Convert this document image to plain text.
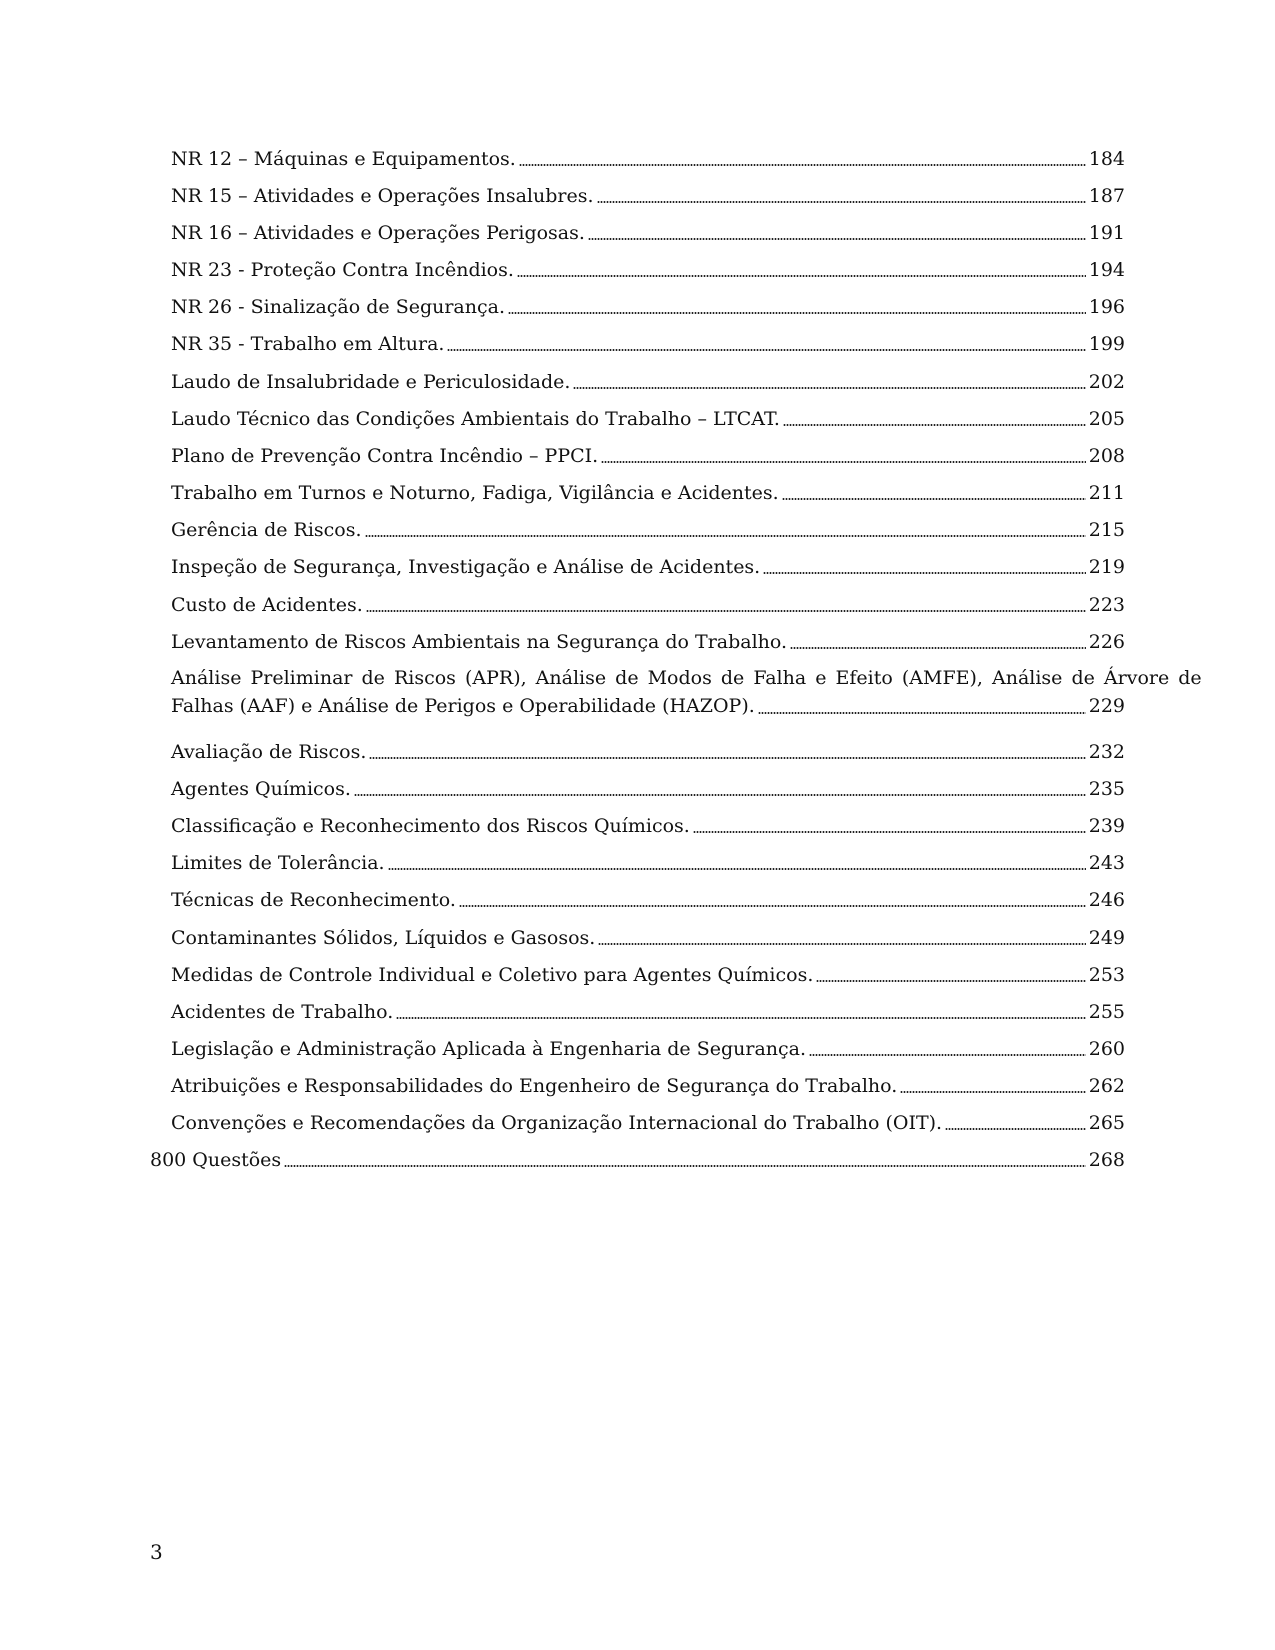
NR 12 – Máquinas e Equipamentos.	184
NR 15 – Atividades e Operações Insalubres.	187
NR 16 – Atividades e Operações Perigosas.	191
NR 23 - Proteção Contra Incêndios.	194
NR 26 - Sinalização de Segurança.	196
NR 35 - Trabalho em Altura.	199
Laudo de Insalubridade e Periculosidade.	202
Laudo Técnico das Condições Ambientais do Trabalho – LTCAT.	205
Plano de Prevenção Contra Incêndio – PPCI.	208
Trabalho em Turnos e Noturno, Fadiga, Vigilância e Acidentes.	211
Gerência de Riscos.	215
Inspeção de Segurança, Investigação e Análise de Acidentes.	219
Custo de Acidentes.	223
Levantamento de Riscos Ambientais na Segurança do Trabalho.	226
Análise Preliminar de Riscos (APR), Análise de Modos de Falha e Efeito (AMFE), Análise de Árvore de
Falhas (AAF) e Análise de Perigos e Operabilidade (HAZOP).	229
Avaliação de Riscos.	232
Agentes Químicos.	235
Classificação e Reconhecimento dos Riscos Químicos.	239
Limites de Tolerância.	243
Técnicas de Reconhecimento.	246
Contaminantes Sólidos, Líquidos e Gasosos.	249
Medidas de Controle Individual e Coletivo para Agentes Químicos.	253
Acidentes de Trabalho.	255
Legislação e Administração Aplicada à Engenharia de Segurança.	260
Atribuições e Responsabilidades do Engenheiro de Segurança do Trabalho.	262
Convenções e Recomendações da Organização Internacional do Trabalho (OIT).	265
800 Questões	268
3
